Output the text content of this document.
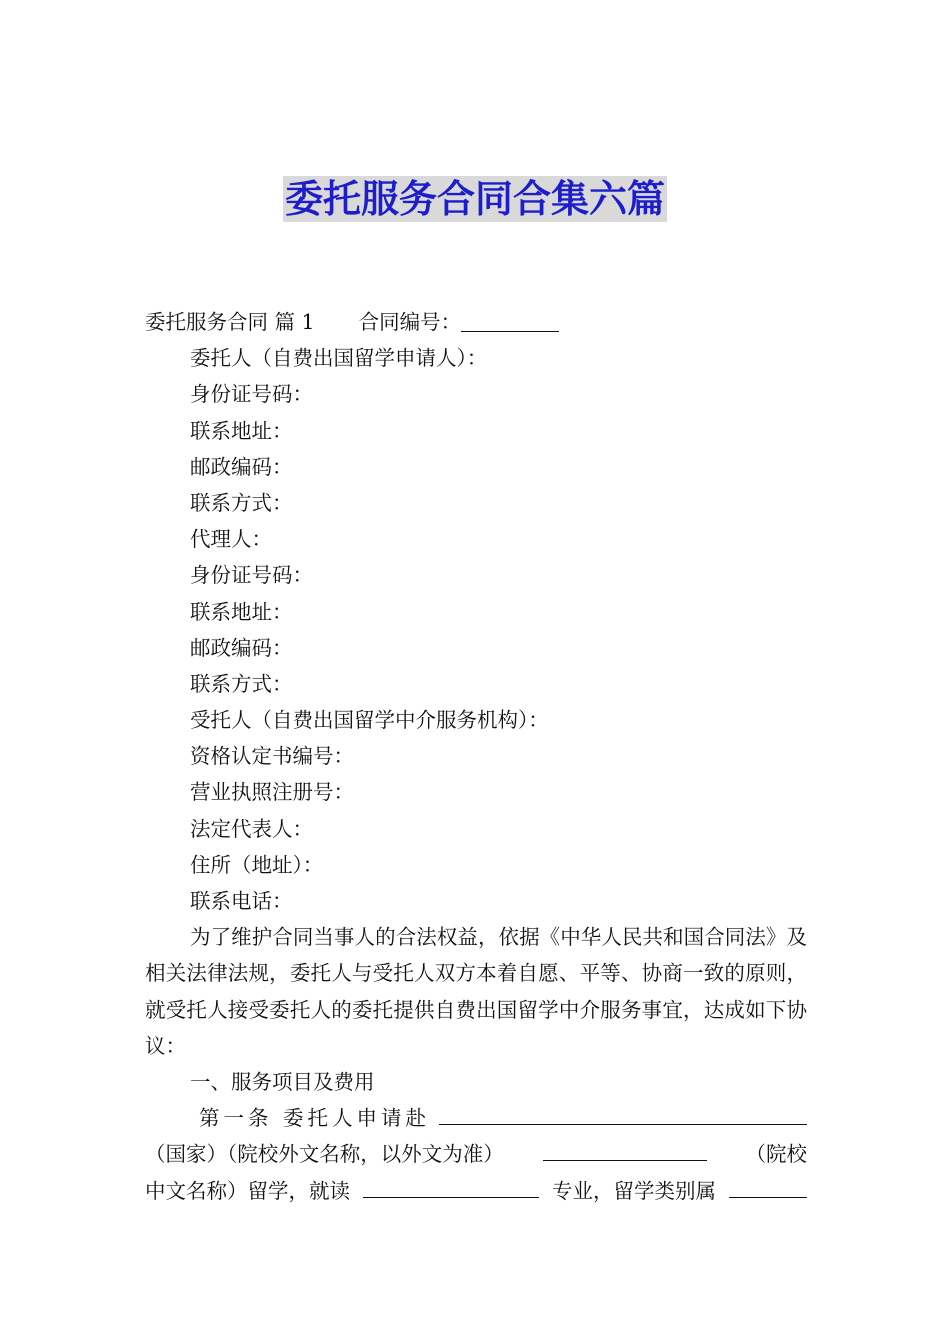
委托服务合同合集六篇
委托服务合同 篇 1 合同编号：
委托人（自费出国留学申请人）：
身份证号码：
联系地址：
邮政编码：
联系方式：
代理人：
身份证号码：
联系地址：
邮政编码：
联系方式：
受托人（自费出国留学中介服务机构）：
资格认定书编号：
营业执照注册号：
法定代表人：
住所（地址）：
联系电话：
为了维护合同当事人的合法权益，依据《中华人民共和国合同法》及相关法律法规，委托人与受托人双方本着自愿、平等、协商一致的原则，就受托人接受委托人的委托提供自费出国留学中介服务事宜，达成如下协议：
一、服务项目及费用
第一条 委托人申请赴
（国家）（院校外文名称，以外文为准）	（院校
中文名称）留学，就读	专业，留学类别属
